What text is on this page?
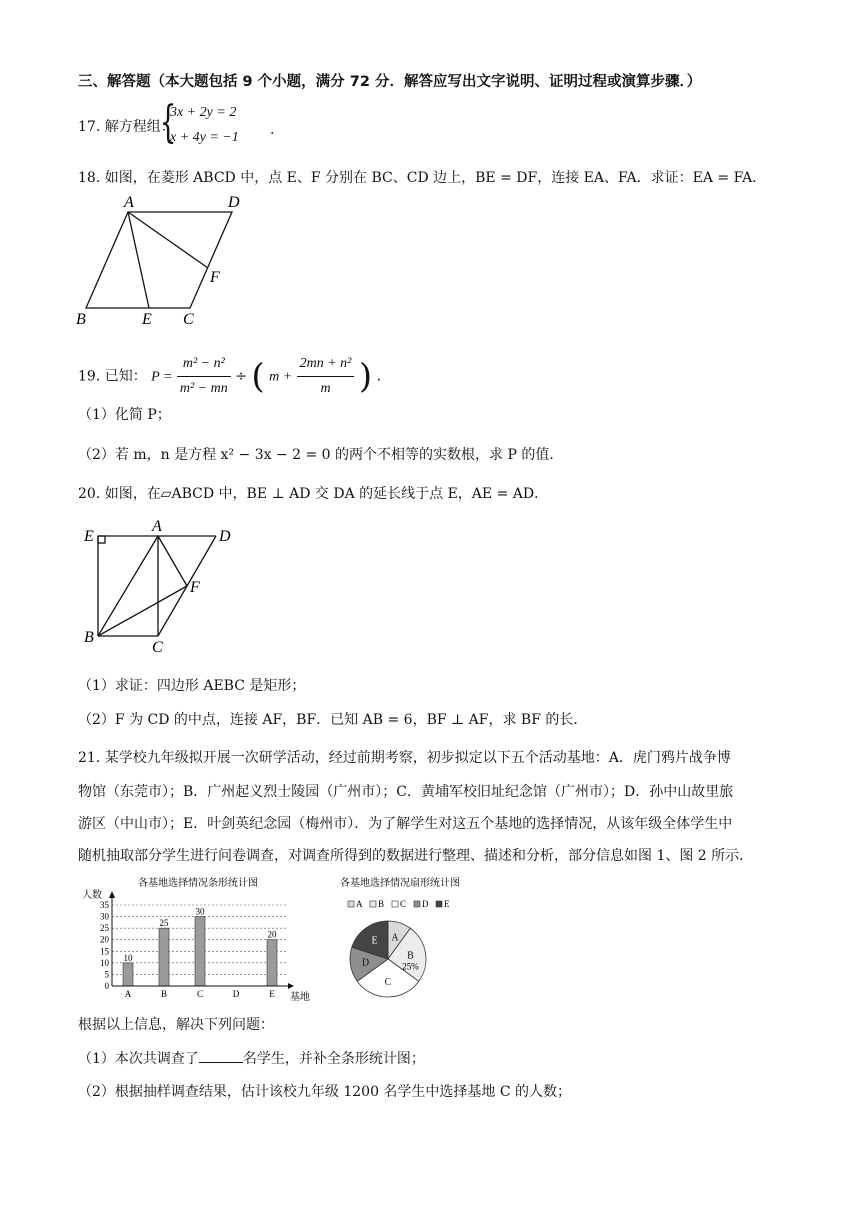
三、解答题（本大题包括 9 个小题，满分 72 分．解答应写出文字说明、证明过程或演算步骤．）
17. 解方程组：
{
3x + 2y = 2
x + 4y = −1 .
18. 如图，在菱形 ABCD 中，点 E、F 分别在 BC、CD 边上，BE = DF，连接 EA、FA．求证：EA = FA．
A	D
F
B	E C
19. 已知： $P = \frac{\text{m² − n²}}{\text{m² − mn}}$ ÷ ( $m + \frac{\text{2mn + n²}}{m}$ ) .
（1）化简 P；
（2）若 m，n 是方程 x² − 3x − 2 = 0 的两个不相等的实数根，求 P 的值．
20. 如图，在▱ABCD 中，BE ⊥ AD 交 DA 的延长线于点 E，AE = AD．
E
A
D
F
B
C
（1）求证：四边形 AEBC 是矩形；
（2）F 为 CD 的中点，连接 AF，BF．已知 AB = 6，BF ⊥ AF，求 BF 的长．
21. 某学校九年级拟开展一次研学活动，经过前期考察，初步拟定以下五个活动基地：A．虎门鸦片战争博
物馆（东莞市）；B．广州起义烈士陵园（广州市）；C．黄埔军校旧址纪念馆（广州市）；D．孙中山故里旅
游区（中山市）；E．叶剑英纪念园（梅州市）．为了解学生对这五个基地的选择情况，从该年级全体学生中
随机抽取部分学生进行问卷调查，对调查所得到的数据进行整理、描述和分析，部分信息如图 1、图 2 所示．
各基地选择情况条形统计图
人数
0
5
10
15
20
25
30
35
10
25
30
20
A	B	C	D	E 基地
各基地选择情况扇形统计图
A B C D E
A
B
25%
C
D
E
根据以上信息，解决下列问题：
（1）本次共调查了	名学生，并补全条形统计图；
（2）根据抽样调查结果，估计该校九年级 1200 名学生中选择基地 C 的人数；
